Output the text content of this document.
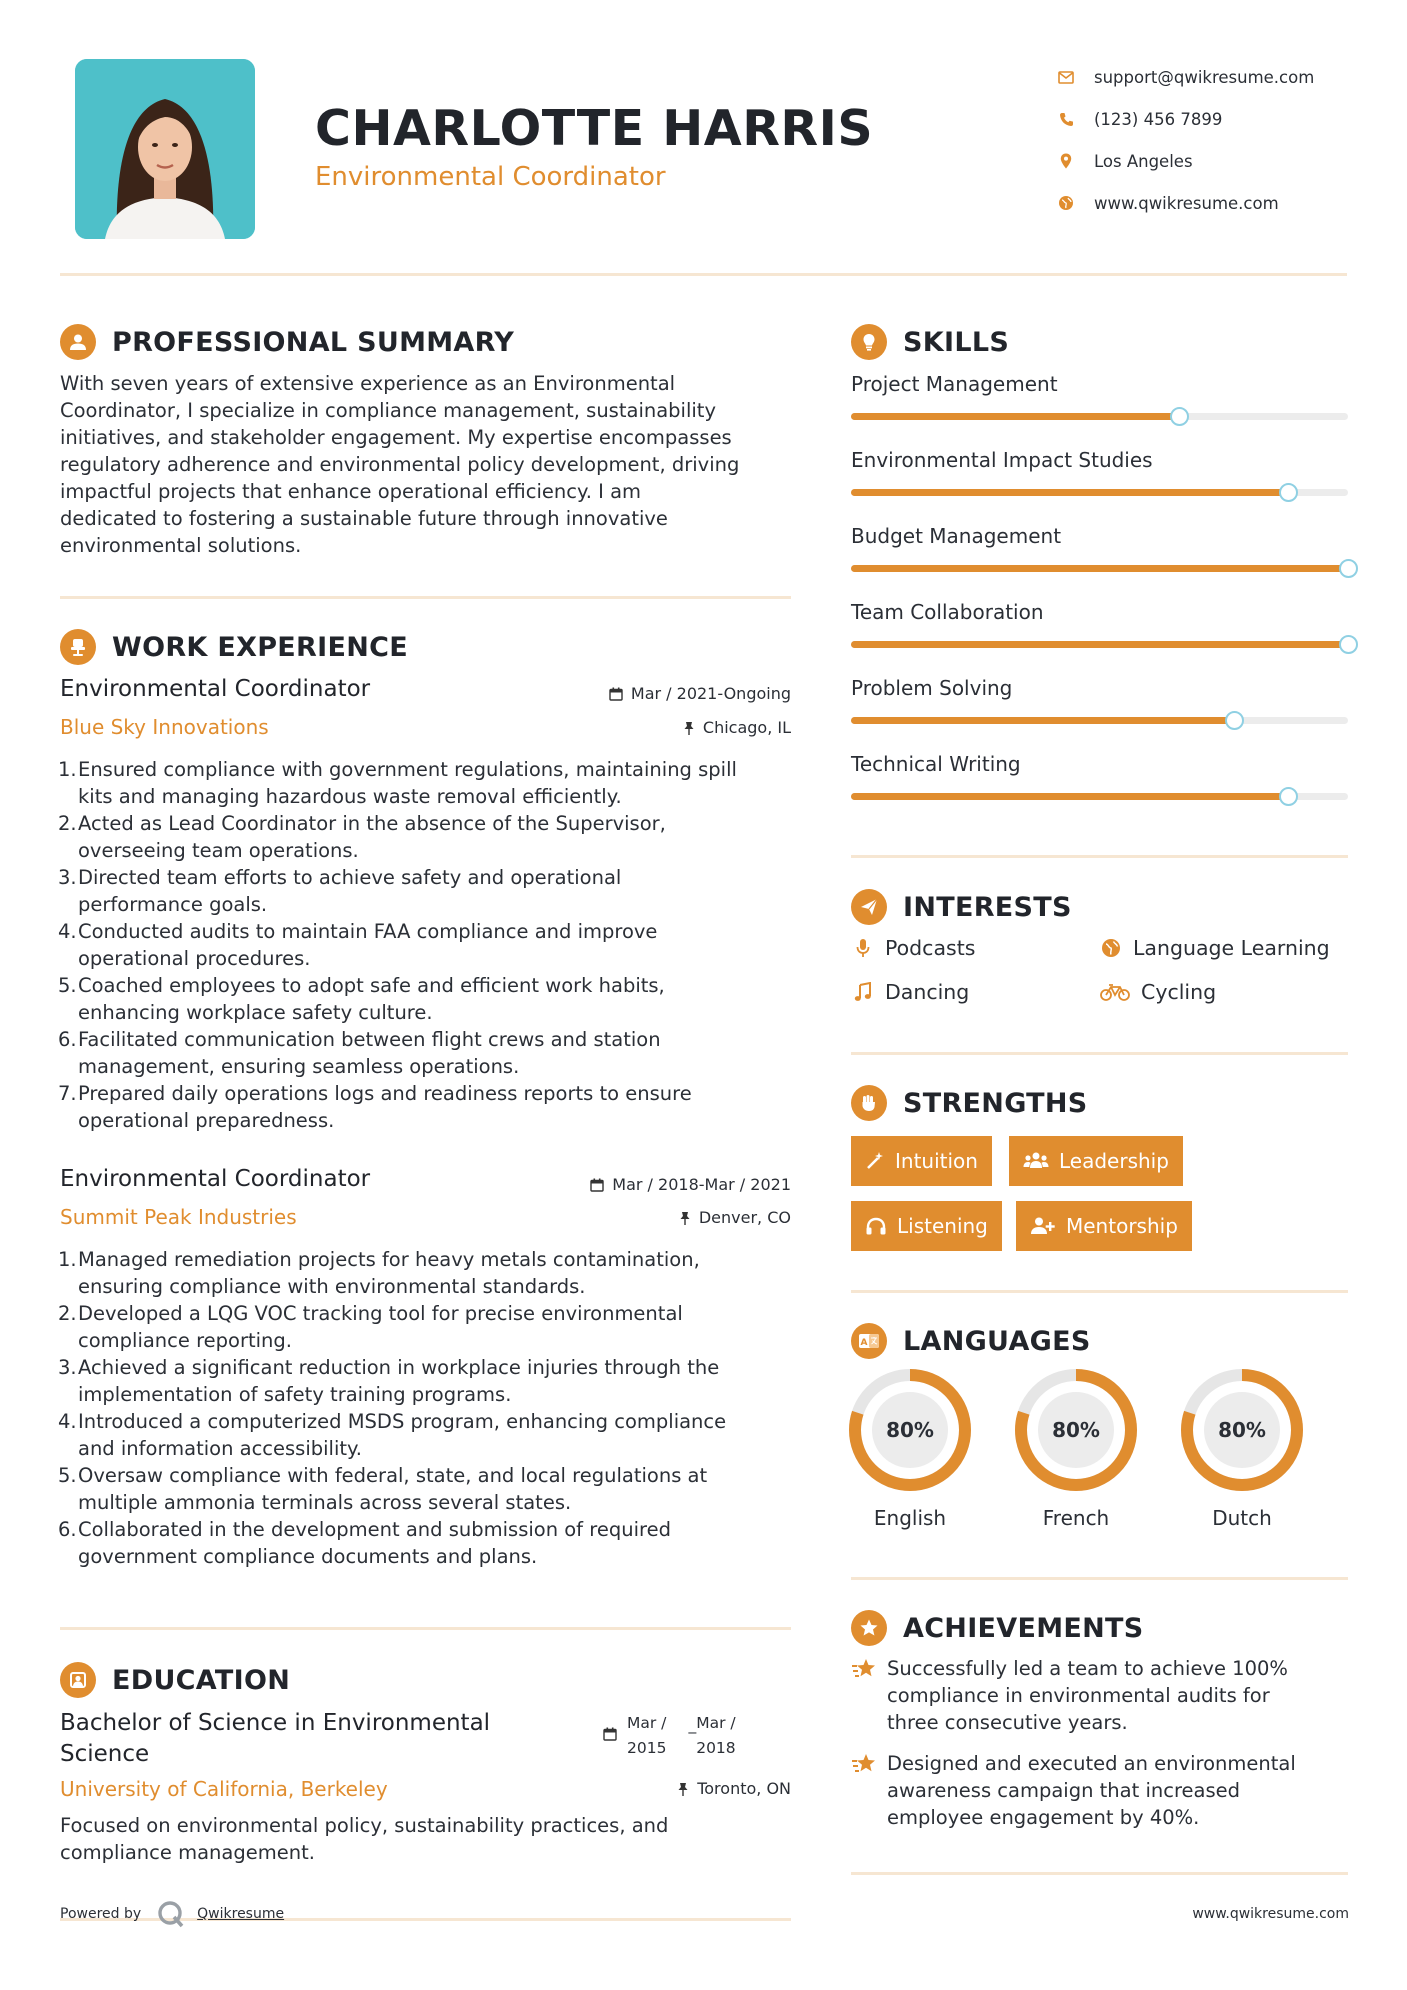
CHARLOTTE HARRIS
Environmental Coordinator
support@qwikresume.com
(123) 456 7899
Los Angeles
www.qwikresume.com
PROFESSIONAL SUMMARY
With seven years of extensive experience as an Environmental
Coordinator, I specialize in compliance management, sustainability
initiatives, and stakeholder engagement. My expertise encompasses
regulatory adherence and environmental policy development, driving
impactful projects that enhance operational efficiency. I am
dedicated to fostering a sustainable future through innovative
environmental solutions.
WORK EXPERIENCE
Environmental Coordinator
Blue Sky Innovations
Mar / 2021-Ongoing
Chicago, IL
1. Ensured compliance with government regulations, maintaining spill
kits and managing hazardous waste removal efficiently.
2. Acted as Lead Coordinator in the absence of the Supervisor,
overseeing team operations.
3. Directed team efforts to achieve safety and operational
performance goals.
4. Conducted audits to maintain FAA compliance and improve
operational procedures.
5. Coached employees to adopt safe and efficient work habits,
enhancing workplace safety culture.
6. Facilitated communication between flight crews and station
management, ensuring seamless operations.
7. Prepared daily operations logs and readiness reports to ensure
operational preparedness.
Environmental Coordinator
Summit Peak Industries
Mar / 2018-Mar / 2021
Denver, CO
1. Managed remediation projects for heavy metals contamination,
ensuring compliance with environmental standards.
2. Developed a LQG VOC tracking tool for precise environmental
compliance reporting.
3. Achieved a significant reduction in workplace injuries through the
implementation of safety training programs.
4. Introduced a computerized MSDS program, enhancing compliance
and information accessibility.
5. Oversaw compliance with federal, state, and local regulations at
multiple ammonia terminals across several states.
6. Collaborated in the development and submission of required
government compliance documents and plans.
EDUCATION
Bachelor of Science in Environmental
Science
University of California, Berkeley
Mar /
2015
_ Mar /
2018
Toronto, ON
Focused on environmental policy, sustainability practices, and
compliance management.
SKILLS
Project Management
Environmental Impact Studies
Budget Management
Team Collaboration
Problem Solving
Technical Writing
INTERESTS
Podcasts	Language Learning
Dancing	Cycling
STRENGTHS
Intuition	Leadership
Listening	Mentorship
A LANGUAGES
80%
English
80%
French
80%
Dutch
ACHIEVEMENTS
Successfully led a team to achieve 100%
compliance in environmental audits for
three consecutive years.
Designed and executed an environmental
awareness campaign that increased
employee engagement by 40%.
Powered by	Qwikresume	www.qwikresume.com
